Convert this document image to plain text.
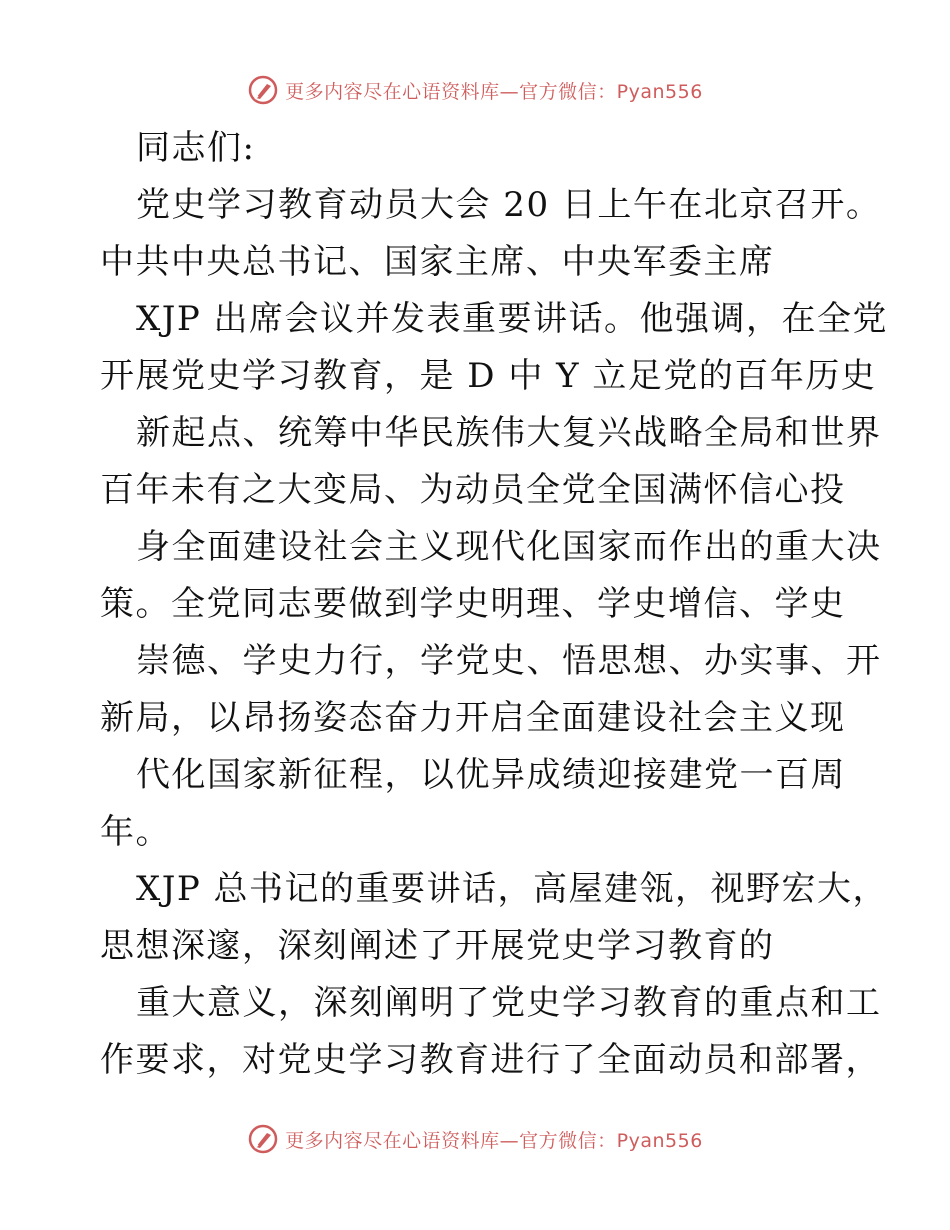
更多内容尽在心语资料库—官方微信：Pyan556

同志们:

党史学习教育动员大会 20 日上午在北京召开。

中共中央总书记、国家主席、中央军委主席

XJP 出席会议并发表重要讲话。他强调，在全党

开展党史学习教育，是 D 中 Y 立足党的百年历史

新起点、统筹中华民族伟大复兴战略全局和世界

百年未有之大变局、为动员全党全国满怀信心投

身全面建设社会主义现代化国家而作出的重大决

策。全党同志要做到学史明理、学史增信、学史

崇德、学史力行，学党史、悟思想、办实事、开

新局，以昂扬姿态奋力开启全面建设社会主义现

代化国家新征程，以优异成绩迎接建党一百周

年。

XJP 总书记的重要讲话，高屋建瓴，视野宏大，

思想深邃，深刻阐述了开展党史学习教育的

重大意义，深刻阐明了党史学习教育的重点和工

作要求，对党史学习教育进行了全面动员和部署，

更多内容尽在心语资料库—官方微信：Pyan556
